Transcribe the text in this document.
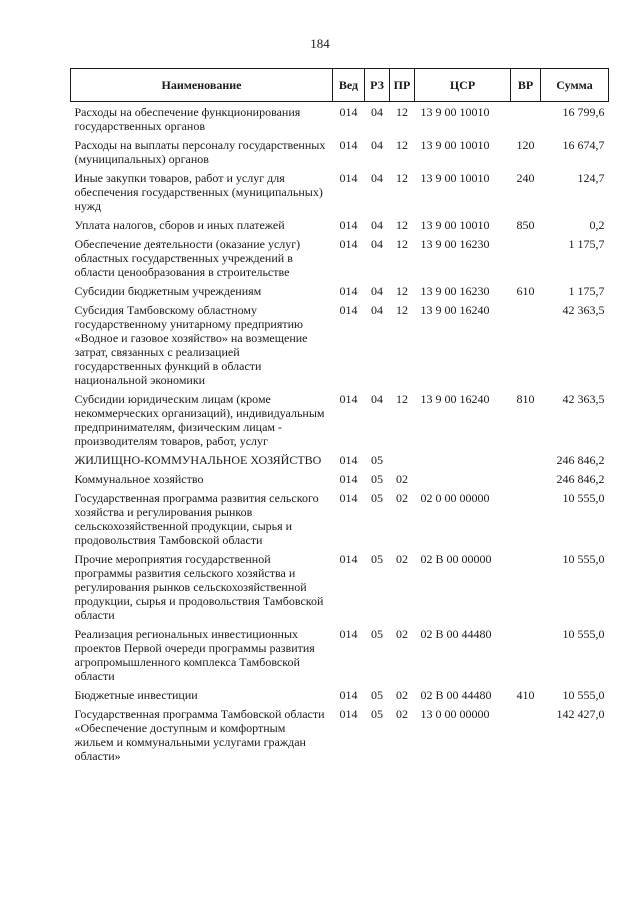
184
Наименование	Вед	РЗ	ПР	ЦСР	ВР	Сумма
Расходы на обеспечение функционирования государственных органов	014	04	12	13 9 00 10010		16 799,6
Расходы на выплаты персоналу государственных (муниципальных) органов	014	04	12	13 9 00 10010	120	16 674,7
Иные закупки товаров, работ и услуг для обеспечения государственных (муниципальных) нужд	014	04	12	13 9 00 10010	240	124,7
Уплата налогов, сборов и иных платежей	014	04	12	13 9 00 10010	850	0,2
Обеспечение деятельности (оказание услуг) областных государственных учреждений в области ценообразования в строительстве	014	04	12	13 9 00 16230		1 175,7
Субсидии бюджетным учреждениям	014	04	12	13 9 00 16230	610	1 175,7
Субсидия Тамбовскому областному государственному унитарному предприятию «Водное и газовое хозяйство» на возмещение затрат, связанных с реализацией государственных функций в области национальной экономики	014	04	12	13 9 00 16240		42 363,5
Субсидии юридическим лицам (кроме некоммерческих организаций), индивидуальным предпринимателям, физическим лицам - производителям товаров, работ, услуг	014	04	12	13 9 00 16240	810	42 363,5
ЖИЛИЩНО-КОММУНАЛЬНОЕ ХОЗЯЙСТВО	014	05				246 846,2
Коммунальное хозяйство	014	05	02			246 846,2
Государственная программа развития сельского хозяйства и регулирования рынков сельскохозяйственной продукции, сырья и продовольствия Тамбовской области	014	05	02	02 0 00 00000		10 555,0
Прочие мероприятия государственной программы развития сельского хозяйства и регулирования рынков сельскохозяйственной продукции, сырья и продовольствия Тамбовской области	014	05	02	02 В 00 00000		10 555,0
Реализация региональных инвестиционных проектов Первой очереди программы развития агропромышленного комплекса Тамбовской области	014	05	02	02 В 00 44480		10 555,0
Бюджетные инвестиции	014	05	02	02 В 00 44480	410	10 555,0
Государственная программа Тамбовской области «Обеспечение доступным и комфортным жильем и коммунальными услугами граждан области»	014	05	02	13 0 00 00000		142 427,0
